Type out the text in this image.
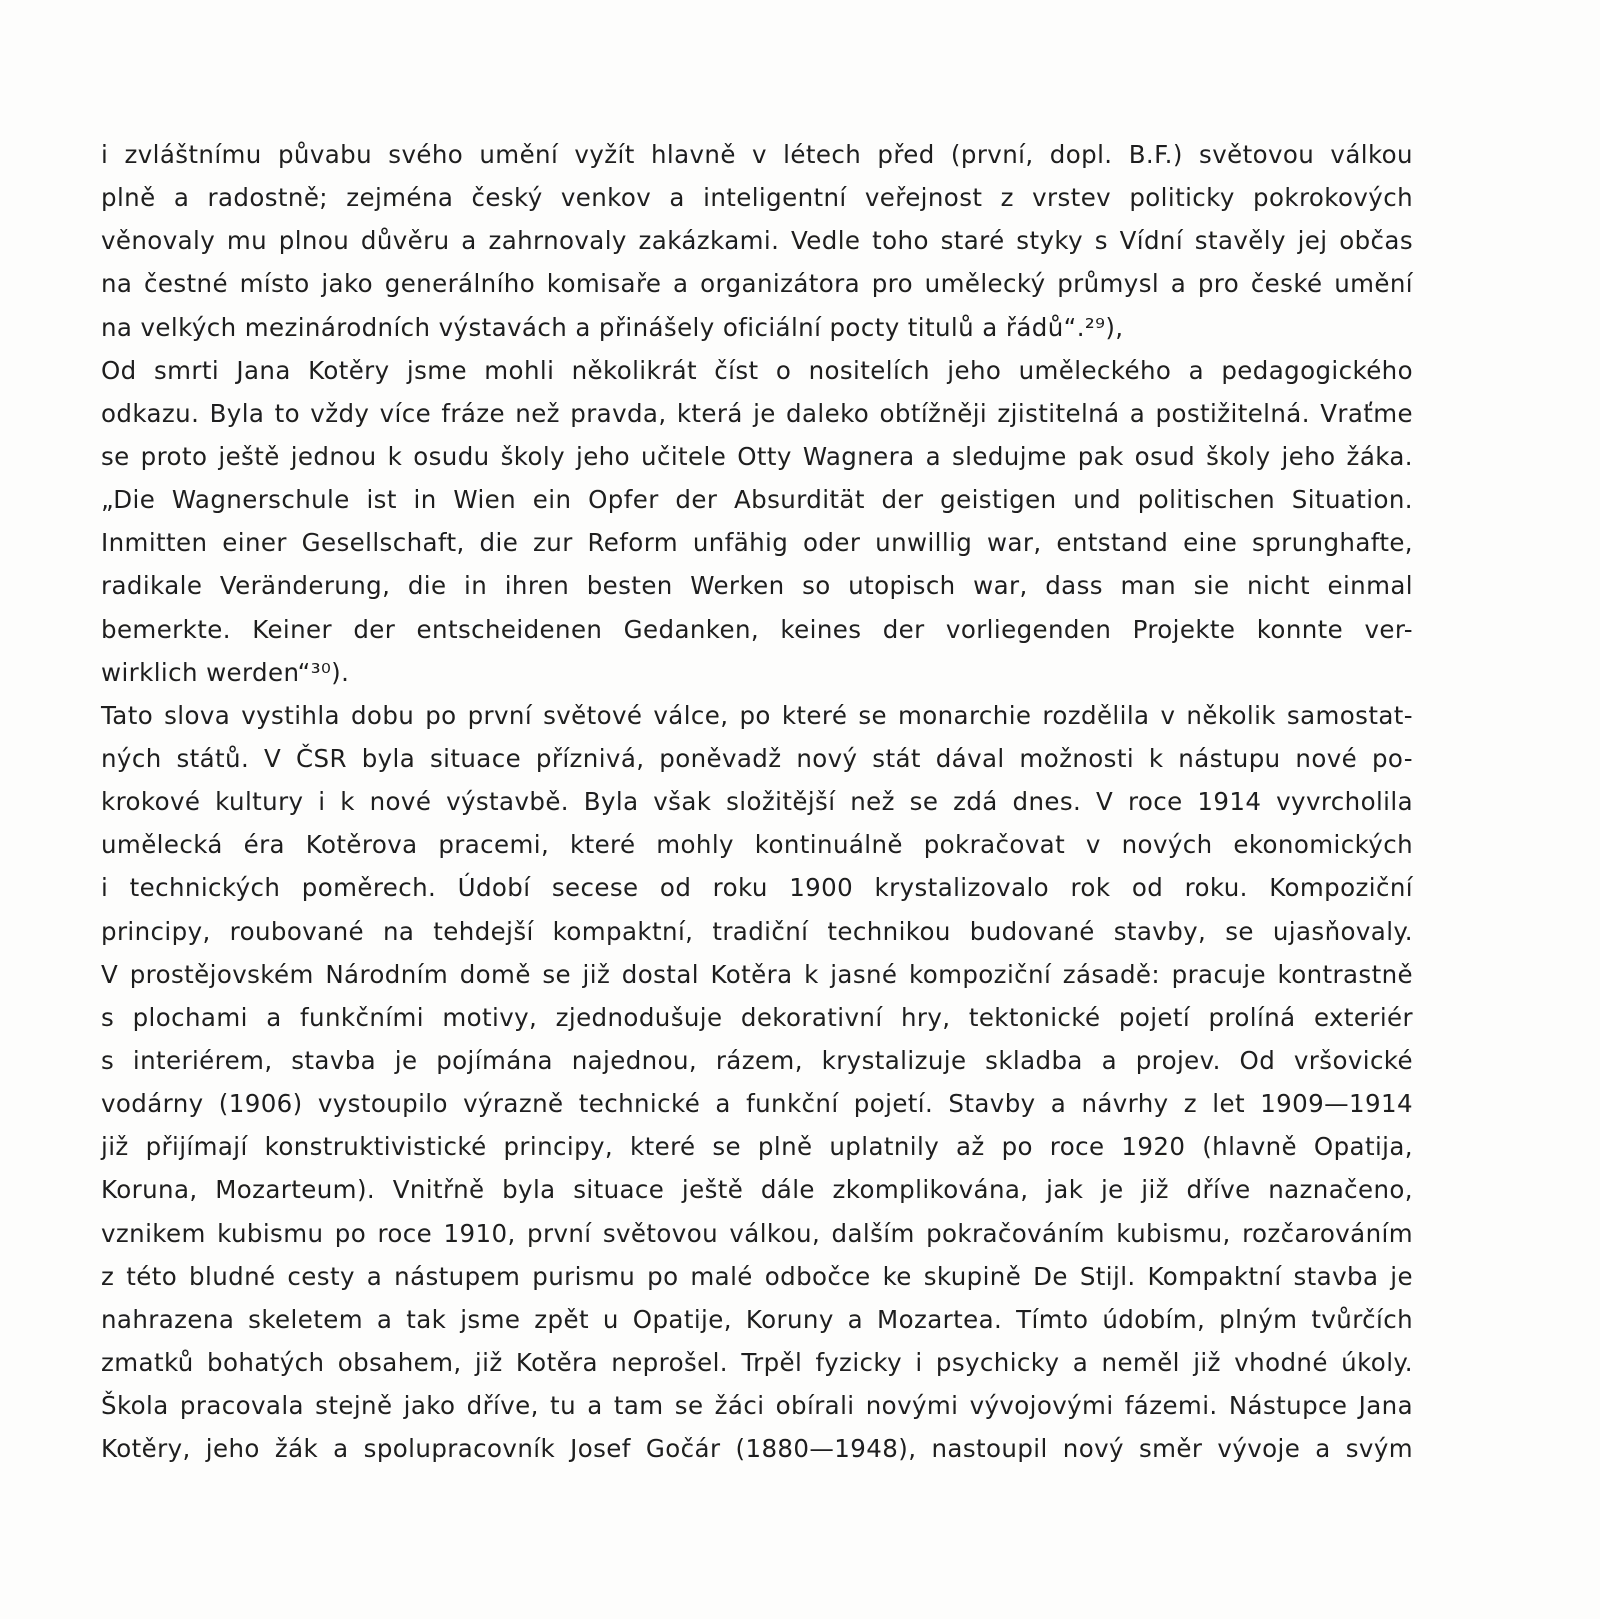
i zvláštnímu půvabu svého umění vyžít hlavně v létech před (první, dopl. B.F.) světovou válkou
plně a radostně; zejména český venkov a inteligentní veřejnost z vrstev politicky pokrokových
věnovaly mu plnou důvěru a zahrnovaly zakázkami. Vedle toho staré styky s Vídní stavěly jej občas
na čestné místo jako generálního komisaře a organizátora pro umělecký průmysl a pro české umění
na velkých mezinárodních výstavách a přinášely oficiální pocty titulů a řádů“.²⁹),
Od smrti Jana Kotěry jsme mohli několikrát číst o nositelích jeho uměleckého a pedagogického
odkazu. Byla to vždy více fráze než pravda, která je daleko obtížněji zjistitelná a postižitelná. Vraťme
se proto ještě jednou k osudu školy jeho učitele Otty Wagnera a sledujme pak osud školy jeho žáka.
„Die Wagnerschule ist in Wien ein Opfer der Absurdität der geistigen und politischen Situation.
Inmitten einer Gesellschaft, die zur Reform unfähig oder unwillig war, entstand eine sprunghafte,
radikale Veränderung, die in ihren besten Werken so utopisch war, dass man sie nicht einmal
bemerkte. Keiner der entscheidenen Gedanken, keines der vorliegenden Projekte konnte ver-
wirklich werden“³⁰).
Tato slova vystihla dobu po první světové válce, po které se monarchie rozdělila v několik samostat-
ných států. V ČSR byla situace příznivá, poněvadž nový stát dával možnosti k nástupu nové po-
krokové kultury i k nové výstavbě. Byla však složitější než se zdá dnes. V roce 1914 vyvrcholila
umělecká éra Kotěrova pracemi, které mohly kontinuálně pokračovat v nových ekonomických
i technických poměrech. Údobí secese od roku 1900 krystalizovalo rok od roku. Kompoziční
principy, roubované na tehdejší kompaktní, tradiční technikou budované stavby, se ujasňovaly.
V prostějovském Národním domě se již dostal Kotěra k jasné kompoziční zásadě: pracuje kontrastně
s plochami a funkčními motivy, zjednodušuje dekorativní hry, tektonické pojetí prolíná exteriér
s interiérem, stavba je pojímána najednou, rázem, krystalizuje skladba a projev. Od vršovické
vodárny (1906) vystoupilo výrazně technické a funkční pojetí. Stavby a návrhy z let 1909—1914
již přijímají konstruktivistické principy, které se plně uplatnily až po roce 1920 (hlavně Opatija,
Koruna, Mozarteum). Vnitřně byla situace ještě dále zkomplikována, jak je již dříve naznačeno,
vznikem kubismu po roce 1910, první světovou válkou, dalším pokračováním kubismu, rozčarováním
z této bludné cesty a nástupem purismu po malé odbočce ke skupině De Stijl. Kompaktní stavba je
nahrazena skeletem a tak jsme zpět u Opatije, Koruny a Mozartea. Tímto údobím, plným tvůrčích
zmatků bohatých obsahem, již Kotěra neprošel. Trpěl fyzicky i psychicky a neměl již vhodné úkoly.
Škola pracovala stejně jako dříve, tu a tam se žáci obírali novými vývojovými fázemi. Nástupce Jana
Kotěry, jeho žák a spolupracovník Josef Gočár (1880—1948), nastoupil nový směr vývoje a svým
